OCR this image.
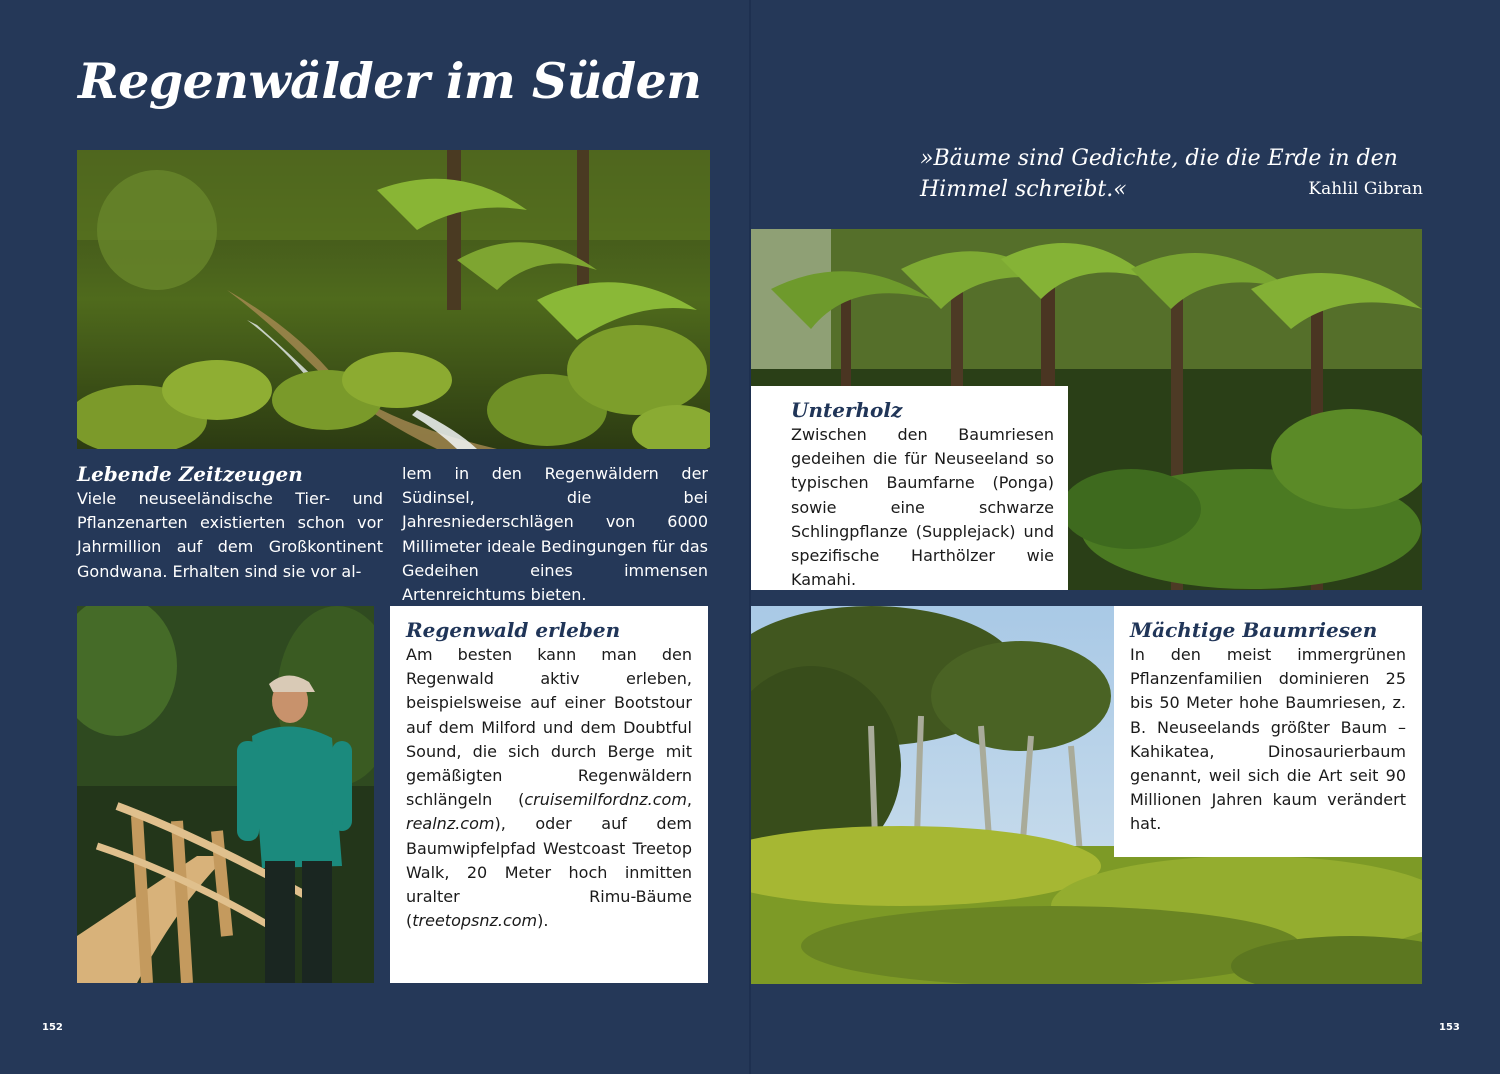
Regenwälder im Süden
Lebende Zeitzeugen

Viele neuseeländische Tier- und Pflanzenarten existierten schon vor Jahrmillion auf dem Großkontinent Gondwana. Erhalten sind sie vor al-

lem in den Regenwäldern der Südinsel, die bei Jahresniederschlägen von 6000 Millimeter ideale Bedingungen für das Gedeihen eines immensen Artenreichtums bieten.

Regenwald erleben

Am besten kann man den Regenwald aktiv erleben, beispielsweise auf einer Bootstour auf dem Milford und dem Doubtful Sound, die sich durch Berge mit gemäßigten Regenwäldern schlängeln (cruisemilfordnz.com, realnz.com), oder auf dem Baumwipfelpfad Westcoast Treetop Walk, 20 Meter hoch inmitten uralter Rimu-Bäume (treetopsnz.com).

152

»Bäume sind Gedichte, die die Erde in den Himmel schreibt.«	Kahlil Gibran
Unterholz

Zwischen den Baumriesen gedeihen die für Neuseeland so typischen Baumfarne (Ponga) sowie eine schwarze Schlingpflanze (Supplejack) und spezifische Harthölzer wie Kamahi.

Mächtige Baumriesen

In den meist immergrünen Pflanzenfamilien dominieren 25 bis 50 Meter hohe Baumriesen, z. B. Neuseelands größter Baum – Kahikatea, Dinosaurierbaum genannt, weil sich die Art seit 90 Millionen Jahren kaum verändert hat.

153
